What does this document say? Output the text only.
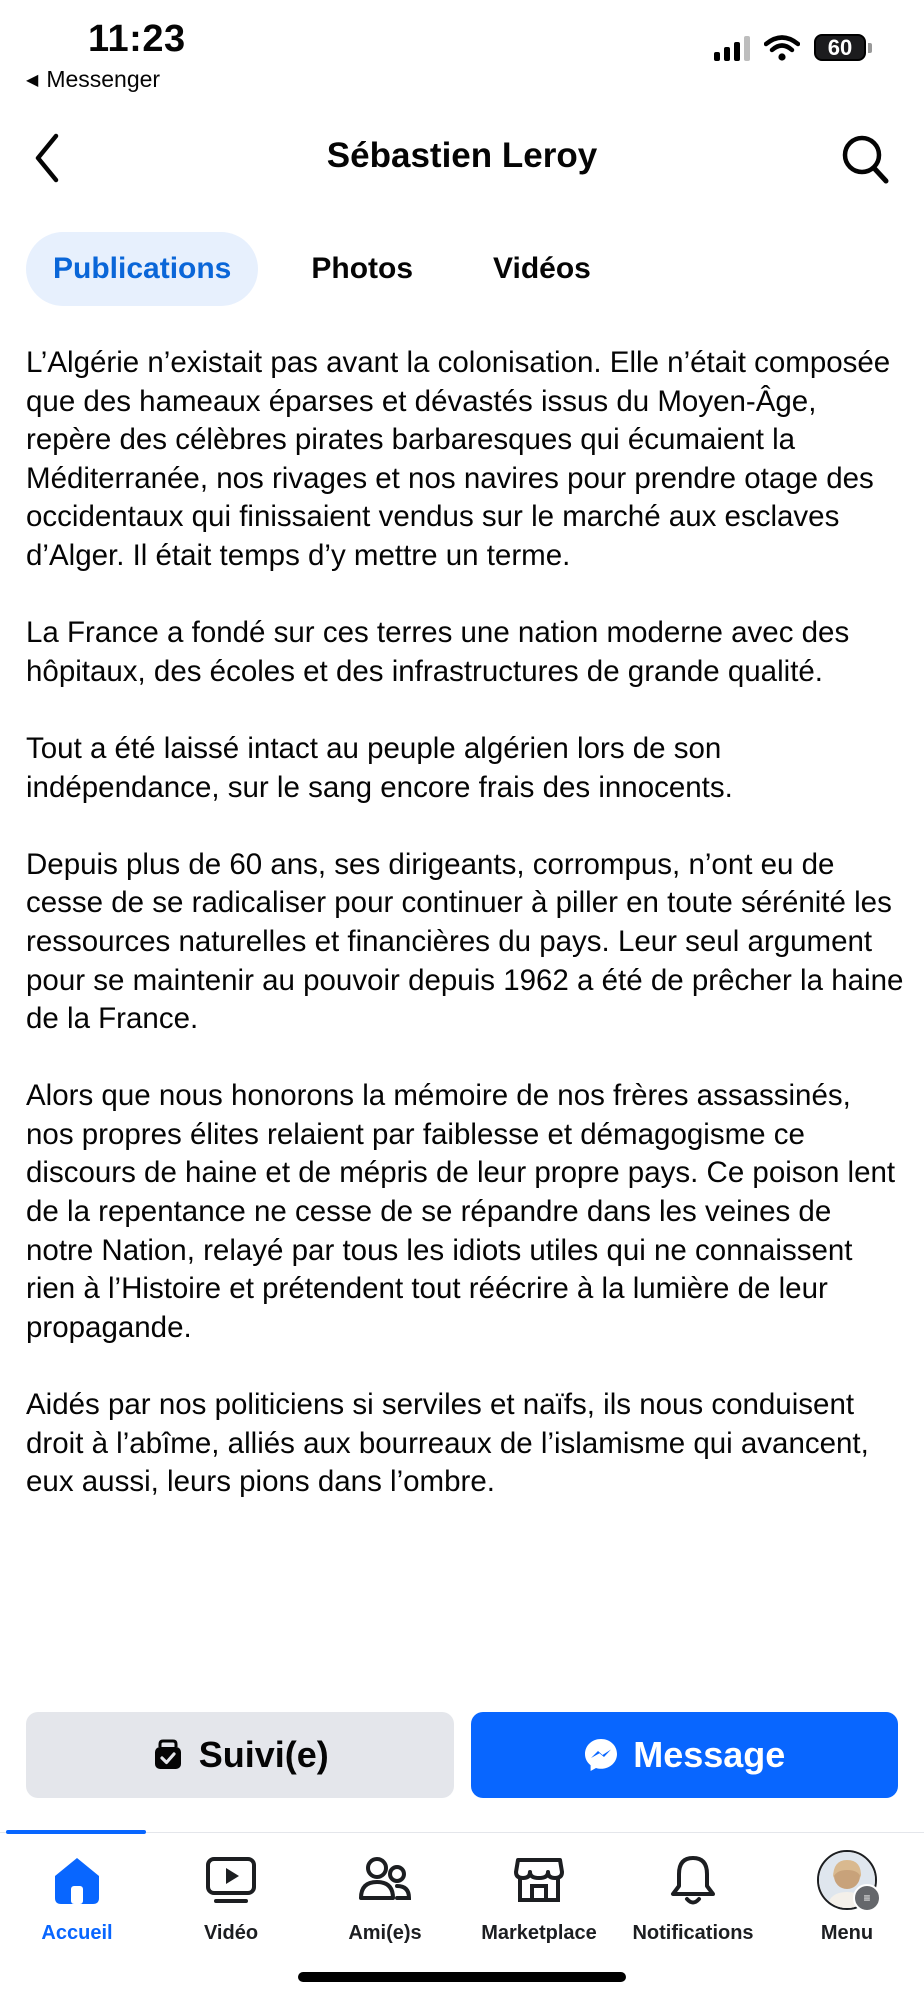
11:23
◀ Messenger
60
Sébastien Leroy
Publications	Photos	Vidéos

L’Algérie n’existait pas avant la colonisation. Elle n’était composée que des hameaux éparses et dévastés issus du Moyen-Âge, repère des célèbres pirates barbaresques qui écumaient la Méditerranée, nos rivages et nos navires pour prendre otage des occidentaux qui finissaient vendus sur le marché aux esclaves d’Alger. Il était temps d’y mettre un terme.

La France a fondé sur ces terres une nation moderne avec des hôpitaux, des écoles et des infrastructures de grande qualité.

Tout a été laissé intact au peuple algérien lors de son indépendance, sur le sang encore frais des innocents.

Depuis plus de 60 ans, ses dirigeants, corrompus, n’ont eu de cesse de se radicaliser pour continuer à piller en toute sérénité les ressources naturelles et financières du pays. Leur seul argument pour se maintenir au pouvoir depuis 1962 a été de prêcher la haine de la France.

Alors que nous honorons la mémoire de nos frères assassinés, nos propres élites relaient par faiblesse et démagogisme ce discours de haine et de mépris de leur propre pays. Ce poison lent de la repentance ne cesse de se répandre dans les veines de notre Nation, relayé par tous les idiots utiles qui ne connaissent rien à l’Histoire et prétendent tout réécrire à la lumière de leur propagande.

Aidés par nos politiciens si serviles et naïfs, ils nous conduisent droit à l’abîme, alliés aux bourreaux de l’islamisme qui avancent, eux aussi, leurs pions dans l’ombre.

Suivi(e)	Message
Accueil	Vidéo	Ami(e)s	Marketplace Notifications
≡
Menu
